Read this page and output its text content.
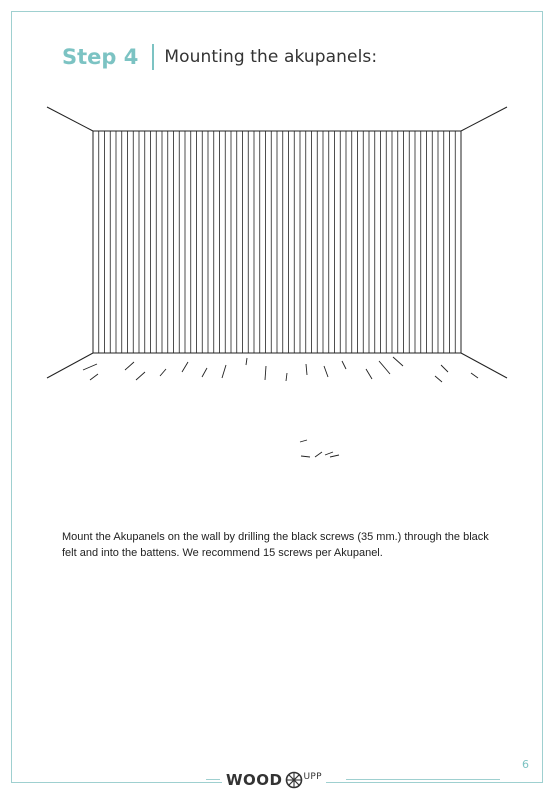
Step 4 Mounting the akupanels:
Mount the Akupanels on the wall by drilling the black screws (35 mm.) through the black felt and into the battens. We recommend 15 screws per Akupanel.
WOOD UPP
6
